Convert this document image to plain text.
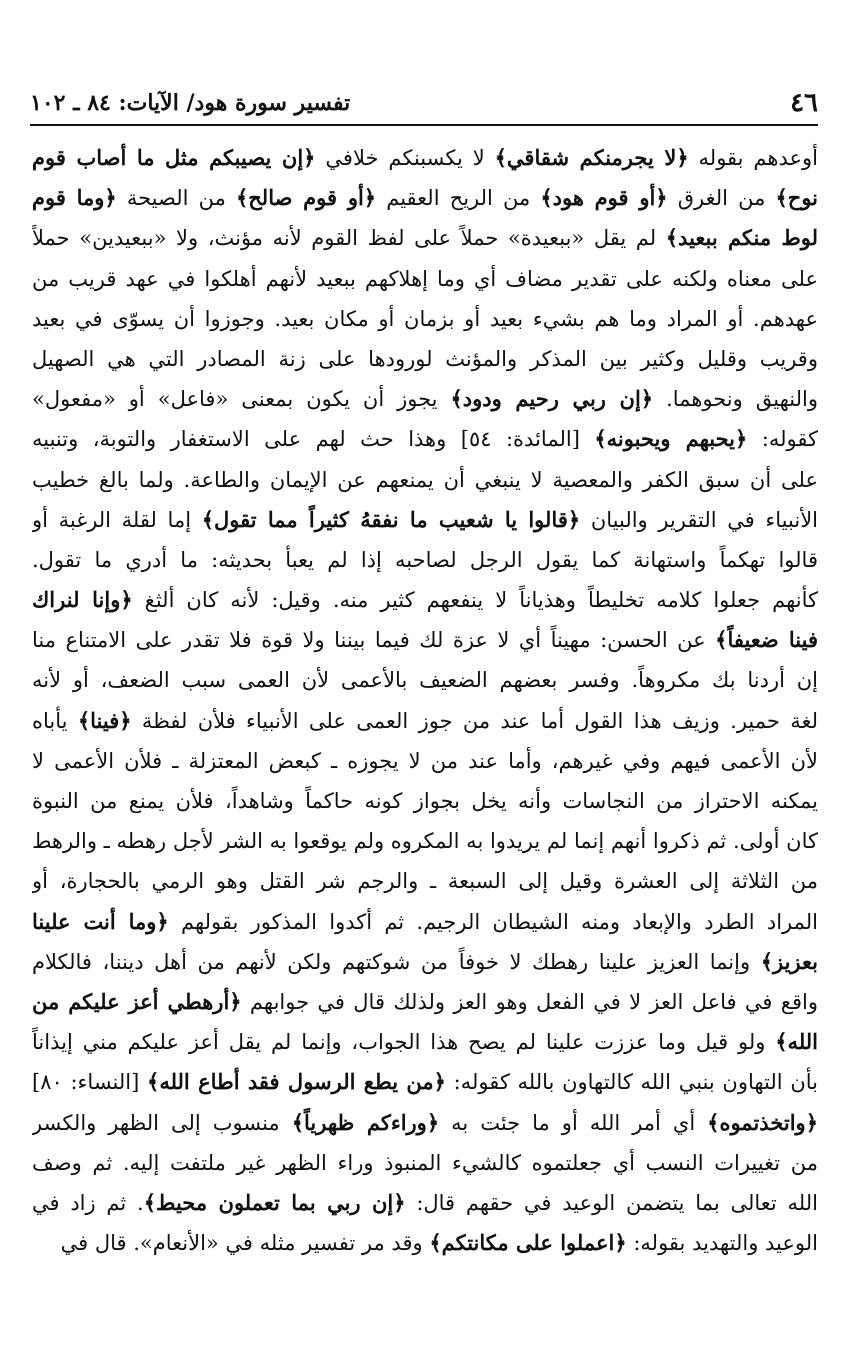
٤٦
تفسير سورة هود/ الآيات: ٨٤ ـ ١٠٢
أوعدهم بقوله ﴿لا يجرمنكم شقاقي﴾ لا يكسبنكم خلافي ﴿إن يصيبكم مثل ما أصاب قوم
نوح﴾ من الغرق ﴿أو قوم هود﴾ من الريح العقيم ﴿أو قوم صالح﴾ من الصيحة ﴿وما قوم
لوط منكم ببعيد﴾ لم يقل «ببعيدة» حملاً على لفظ القوم لأنه مؤنث، ولا «ببعيدين» حملاً
على معناه ولكنه على تقدير مضاف أي وما إهلاكهم ببعيد لأنهم أهلكوا في عهد قريب من
عهدهم. أو المراد وما هم بشيء بعيد أو بزمان أو مكان بعيد. وجوزوا أن يسوّى في بعيد
وقريب وقليل وكثير بين المذكر والمؤنث لورودها على زنة المصادر التي هي الصهيل
والنهيق ونحوهما. ﴿إن ربي رحيم ودود﴾ يجوز أن يكون بمعنى «فاعل» أو «مفعول»
كقوله: ﴿يحبهم ويحبونه﴾ [المائدة: ٥٤] وهذا حث لهم على الاستغفار والتوبة، وتنبيه
على أن سبق الكفر والمعصية لا ينبغي أن يمنعهم عن الإيمان والطاعة. ولما بالغ خطيب
الأنبياء في التقرير والبيان ﴿قالوا يا شعيب ما نفقهُ كثيراً مما تقول﴾ إما لقلة الرغبة أو
قالوا تهكماً واستهانة كما يقول الرجل لصاحبه إذا لم يعبأ بحديثه: ما أدري ما تقول.
كأنهم جعلوا كلامه تخليطاً وهذياناً لا ينفعهم كثير منه. وقيل: لأنه كان ألثغ ﴿وإنا لنراك
فينا ضعيفاً﴾ عن الحسن: مهيناً أي لا عزة لك فيما بيننا ولا قوة فلا تقدر على الامتناع منا
إن أردنا بك مكروهاً. وفسر بعضهم الضعيف بالأعمى لأن العمى سبب الضعف، أو لأنه
لغة حمير. وزيف هذا القول أما عند من جوز العمى على الأنبياء فلأن لفظة ﴿فينا﴾ يأباه
لأن الأعمى فيهم وفي غيرهم، وأما عند من لا يجوزه ـ كبعض المعتزلة ـ فلأن الأعمى لا
يمكنه الاحتراز من النجاسات وأنه يخل بجواز كونه حاكماً وشاهداً، فلأن يمنع من النبوة
كان أولى. ثم ذكروا أنهم إنما لم يريدوا به المكروه ولم يوقعوا به الشر لأجل رهطه ـ والرهط
من الثلاثة إلى العشرة وقيل إلى السبعة ـ والرجم شر القتل وهو الرمي بالحجارة، أو
المراد الطرد والإبعاد ومنه الشيطان الرجيم. ثم أكدوا المذكور بقولهم ﴿وما أنت علينا
بعزيز﴾ وإنما العزيز علينا رهطك لا خوفاً من شوكتهم ولكن لأنهم من أهل ديننا، فالكلام
واقع في فاعل العز لا في الفعل وهو العز ولذلك قال في جوابهم ﴿أرهطي أعز عليكم من
الله﴾ ولو قيل وما عززت علينا لم يصح هذا الجواب، وإنما لم يقل أعز عليكم مني إيذاناً
بأن التهاون بنبي الله كالتهاون بالله كقوله: ﴿من يطع الرسول فقد أطاع الله﴾ [النساء: ٨٠]
﴿واتخذتموه﴾ أي أمر الله أو ما جئت به ﴿وراءكم ظهرياً﴾ منسوب إلى الظهر والكسر
من تغييرات النسب أي جعلتموه كالشيء المنبوذ وراء الظهر غير ملتفت إليه. ثم وصف
الله تعالى بما يتضمن الوعيد في حقهم قال: ﴿إن ربي بما تعملون محيط﴾. ثم زاد في
الوعيد والتهديد بقوله: ﴿اعملوا على مكانتكم﴾ وقد مر تفسير مثله في «الأنعام». قال في
